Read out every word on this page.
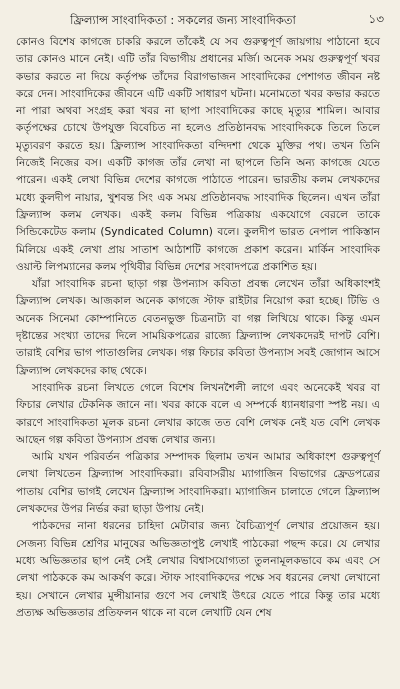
ফ্রিল্যান্স সাংবাদিকতা : সকলের জন্য সাংবাদিকতা	১৩

কোনও বিশেষ কাগজে চাকরি করলে তাঁকেই যে সব গুরুত্বপূর্ণ জায়গায় পাঠানো হবে তার কোনও মানে নেই। এটি তাঁর বিভাগীয় প্রধানের মর্জি। অনেক সময় গুরুত্বপূর্ণ খবর কভার করতে না দিয়ে কর্তৃপক্ষ তাঁদের বিরাগভাজন সাংবাদিকের পেশাগত জীবন নষ্ট করে দেন। সাংবাদিকের জীবনে এটি একটি সাধারণ ঘটনা। মনোমতো খবর কভার করতে না পারা অথবা সংগ্রহ করা খবর না ছাপা সাংবাদিকের কাছে মৃত্যুর শামিল। আবার কর্তৃপক্ষের চোখে উপযুক্ত বিবেচিত না হলেও প্রতিষ্ঠানবদ্ধ সাংবাদিককে তিলে তিলে মৃত্যুবরণ করতে হয়। ফ্রিল্যান্স সাংবাদিকতা বন্দিদশা থেকে মুক্তির পথ। তখন তিনি নিজেই নিজের বস। একটি কাগজ তাঁর লেখা না ছাপলে তিনি অন্য কাগজে যেতে পারেন। একই লেখা বিভিন্ন দেশের কাগজে পাঠাতে পারেন। ভারতীয় কলম লেখকদের মধ্যে কুলদীপ নায়ার, খুশবন্ত সিং এক সময় প্রতিষ্ঠানবদ্ধ সাংবাদিক ছিলেন। এখন তাঁরা ফ্রিল্যান্স কলম লেখক। একই কলম বিভিন্ন পত্রিকায় একযোগে বেরলে তাকে সিন্ডিকেটেড কলাম (Syndicated Column) বলে। কুলদীপ ভারত নেপাল পাকিস্তান মিলিয়ে একই লেখা প্রায় সাতাশ আঠাশটি কাগজে প্রকাশ করেন। মার্কিন সাংবাদিক ওয়াল্ট লিপম্যানের কলম পৃথিবীর বিভিন্ন দেশের সংবাদপত্রে প্রকাশিত হয়।

যাঁরা সাংবাদিক রচনা ছাড়া গল্প উপন্যাস কবিতা প্রবন্ধ লেখেন তাঁরা অধিকাংশই ফ্রিল্যান্স লেখক। আজকাল অনেক কাগজে স্টাফ রাইটার নিয়োগ করা হচ্ছে। টিভি ও অনেক সিনেমা কোম্পানিতে বেতনভুক্ত চিত্রনাট্য বা গল্প লিখিয়ে থাকে। কিন্তু এমন দৃষ্টান্তের সংখ্যা তাদের দিলে সাময়িকপত্রের রাজ্যে ফ্রিল্যান্স লেখকদেরই দাপট বেশি। তারাই বেশির ভাগ পাতাগুলির লেখক। গল্প ফিচার কবিতা উপন্যাস সবই জোগান আসে ফ্রিল্যান্স লেখকদের কাছ থেকে।

সাংবাদিক রচনা লিখতে গেলে বিশেষ লিখনশৈলী লাগে এবং অনেকেই খবর বা ফিচার লেখার টেকনিক জানে না। খবর কাকে বলে এ সম্পর্কে ধ্যানধারণা স্পষ্ট নয়। এ কারণে সাংবাদিকতা মূলক রচনা লেখার কাজে তত বেশি লেখক নেই যত বেশি লেখক আছেন গল্প কবিতা উপন্যাস প্রবন্ধ লেখার জন্য।

আমি যখন পরিবর্তন পত্রিকার সম্পাদক ছিলাম তখন আমার অধিকাংশ গুরুত্বপূর্ণ লেখা লিখতেন ফ্রিল্যান্স সাংবাদিকরা। রবিবাসরীয় ম্যাগাজিন বিভাগের ফ্রেডপত্রের পাতায় বেশির ভাগই লেখেন ফ্রিল্যান্স সাংবাদিকরা। ম্যাগাজিন চালাতে গেলে ফ্রিল্যান্স লেখকদের উপর নির্ভর করা ছাড়া উপায় নেই।

পাঠকদের নানা ধরনের চাহিদা মেটাবার জন্য বৈচিত্র্যপূর্ণ লেখার প্রয়োজন হয়। সেজন্য বিভিন্ন শ্রেণির মানুষের অভিজ্ঞতাপুষ্ট লেখাই পাঠকেরা পছন্দ করে। যে লেখার মধ্যে অভিজ্ঞতার ছাপ নেই সেই লেখার বিশ্বাসযোগ্যতা তুলনামূলকভাবে কম এবং সে লেখা পাঠককে কম আকর্ষণ করে। স্টাফ সাংবাদিকদের পক্ষে সব ধরনের লেখা লেখানো হয়। সেখানে লেখার মুন্সীয়ানার গুণে সব লেখাই উৎরে যেতে পারে কিন্তু তার মধ্যে প্রত্যক্ষ অভিজ্ঞতার প্রতিফলন থাকে না বলে লেখাটি যেন শেষ
